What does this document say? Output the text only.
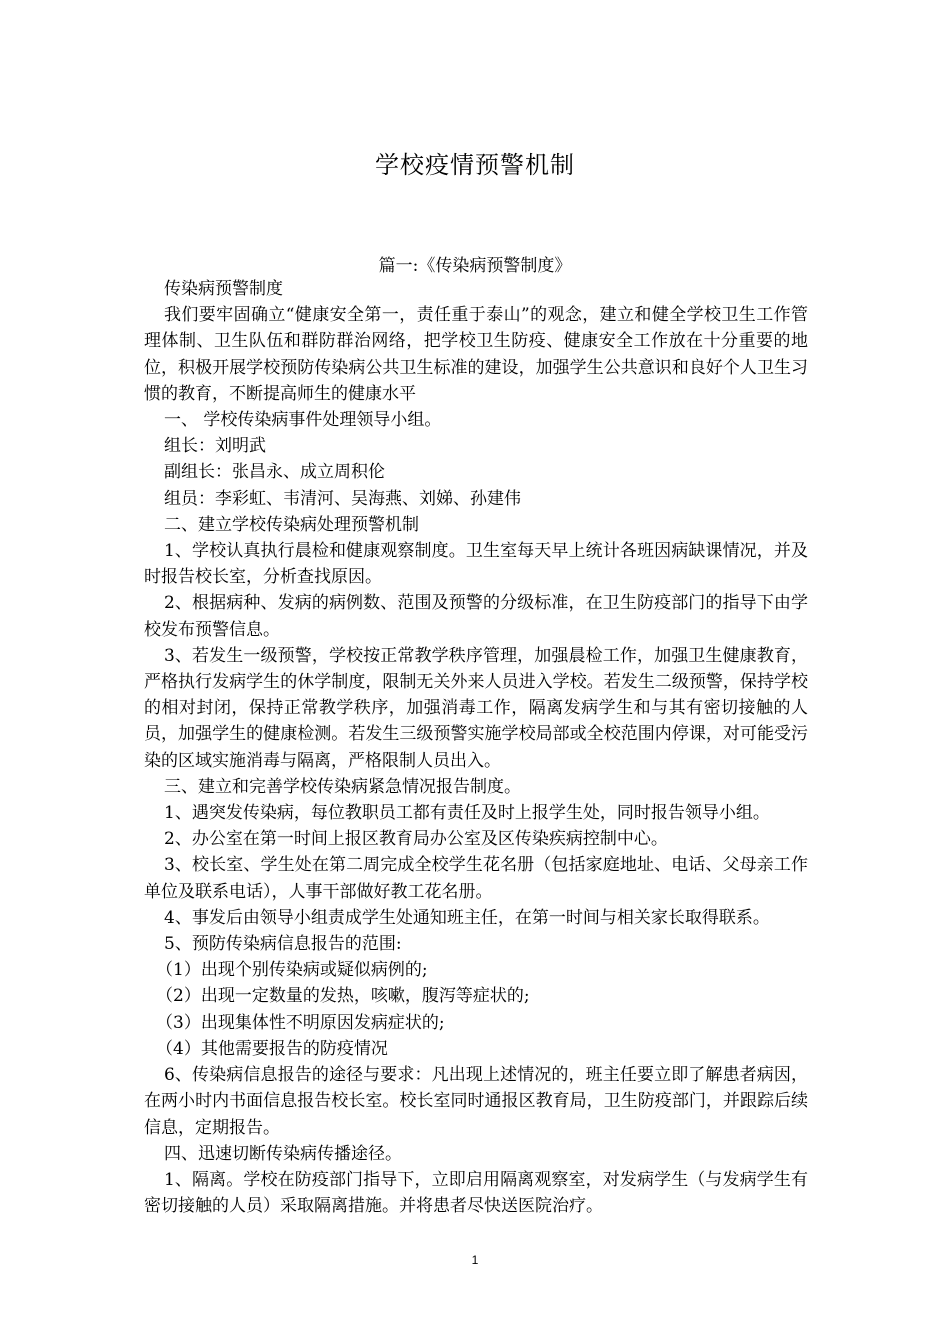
学校疫情预警机制
篇一:《传染病预警制度》

传染病预警制度

我们要牢固确立“健康安全第一，责任重于泰山”的观念，建立和健全学校卫生工作管理体制、卫生队伍和群防群治网络，把学校卫生防疫、健康安全工作放在十分重要的地位，积极开展学校预防传染病公共卫生标准的建设，加强学生公共意识和良好个人卫生习惯的教育，不断提高师生的健康水平

一、 学校传染病事件处理领导小组。

组长：刘明武

副组长：张昌永、成立周积伦

组员：李彩虹、韦清河、吴海燕、刘娣、孙建伟

二、建立学校传染病处理预警机制

1、学校认真执行晨检和健康观察制度。卫生室每天早上统计各班因病缺课情况，并及时报告校长室，分析查找原因。

2、根据病种、发病的病例数、范围及预警的分级标准，在卫生防疫部门的指导下由学校发布预警信息。

3、若发生一级预警，学校按正常教学秩序管理，加强晨检工作，加强卫生健康教育，严格执行发病学生的休学制度，限制无关外来人员进入学校。若发生二级预警，保持学校的相对封闭，保持正常教学秩序，加强消毒工作，隔离发病学生和与其有密切接触的人员，加强学生的健康检测。若发生三级预警实施学校局部或全校范围内停课，对可能受污染的区域实施消毒与隔离，严格限制人员出入。

三、建立和完善学校传染病紧急情况报告制度。

1、遇突发传染病，每位教职员工都有责任及时上报学生处，同时报告领导小组。

2、办公室在第一时间上报区教育局办公室及区传染疾病控制中心。

3、校长室、学生处在第二周完成全校学生花名册（包括家庭地址、电话、父母亲工作单位及联系电话），人事干部做好教工花名册。

4、事发后由领导小组责成学生处通知班主任，在第一时间与相关家长取得联系。

5、预防传染病信息报告的范围:

（1）出现个别传染病或疑似病例的;

（2）出现一定数量的发热，咳嗽，腹泻等症状的;

（3）出现集体性不明原因发病症状的;

（4）其他需要报告的防疫情况

6、传染病信息报告的途径与要求：凡出现上述情况的，班主任要立即了解患者病因，在两小时内书面信息报告校长室。校长室同时通报区教育局，卫生防疫部门，并跟踪后续信息，定期报告。

四、迅速切断传染病传播途径。

1、隔离。学校在防疫部门指导下，立即启用隔离观察室，对发病学生（与发病学生有密切接触的人员）采取隔离措施。并将患者尽快送医院治疗。

1
